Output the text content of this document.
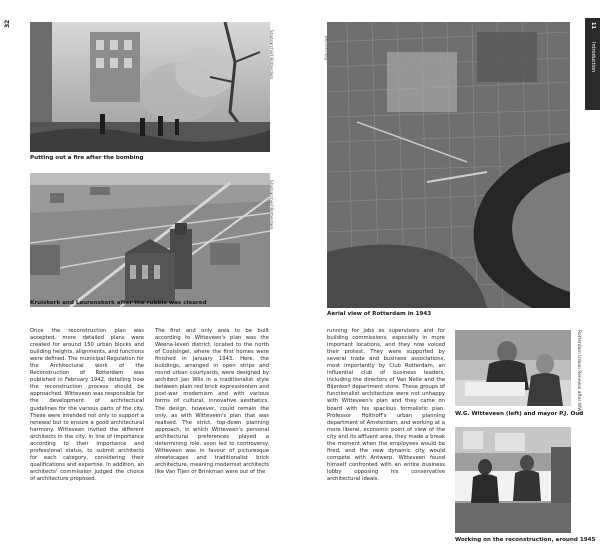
32
Putting out a fire after the bombing
Stadsarchief Rotterdam
Kruiskerk and Laurenskerk after the rubble was cleared
Stadsarchief Rotterdam

Once the reconstruction plan was accepted, more detailed plans were created for around 150 urban blocks and building heights, alignments, and functions were defined. The municipal Regulation for the Architectural work of the Reconstruction of Rotterdam was published in February 1942, detailing how the reconstruction process should be approached. Witteveen was responsible for the development of architectural guidelines for the various parts of the city. These were intended not only to support a renewal but to ensure a good architectural harmony. Witteveen invited the different architects in the city, in line of importance according to their importance and professional status, to submit architects for each category, considering their qualifications and expertise. In addition, an architects' commission judged the choice of architecture proposed.

The first and only area to be built according to Witteveen's plan was the Weena-Ieven district, located to the north of Coolsingel, where the first homes were finished in January 1943. Here, the buildings, arranged in open strips and round urban courtyards, were designed by architect Jan Wils in a traditionalist style between plain red brick expressionism and post-war modernism and with various forms of cultural, innovative aesthetics. The design, however, could remain the only, as with Witteveen's plan that was realised. The strict, top-down planning approach, in which Witteveen's personal architectural preferences played a determining role, soon led to controversy. Witteveen was in favour of picturesque streetscapes and traditionalist brick architecture, meaning modernist architects like Van Tijen or Brinkman were out of the

Aerial view of Rotterdam in 1943
Rijksarchief

running for jobs as supervisors and for building commissions, especially in more important locations, and they now voiced their protest. They were supported by several trade and business associations, most importantly by Club Rotterdam, an influential club of business leaders, including the directors of Van Nelle and the Bijenkorf department store. These groups of functionalist architecture were not unhappy with Witteveen's plan and they came on board with his spacious formalistic plan. Professor Holthoff's urban planning department of Amsterdam, and working at a more liberal, economic point of view of the city and its affluent area, they made a break the moment when the employees would be fired, and the new dynamic city would compete with Antwerp. Witteveen found himself confronted with an entire business lobby opposing his conservative architectural ideals.

W.G. Witteveen (left) and mayor P.J. Oud
Working on the reconstruction, around 1945
Introduction
11
Rotterdam Urban Renewal after WWII
